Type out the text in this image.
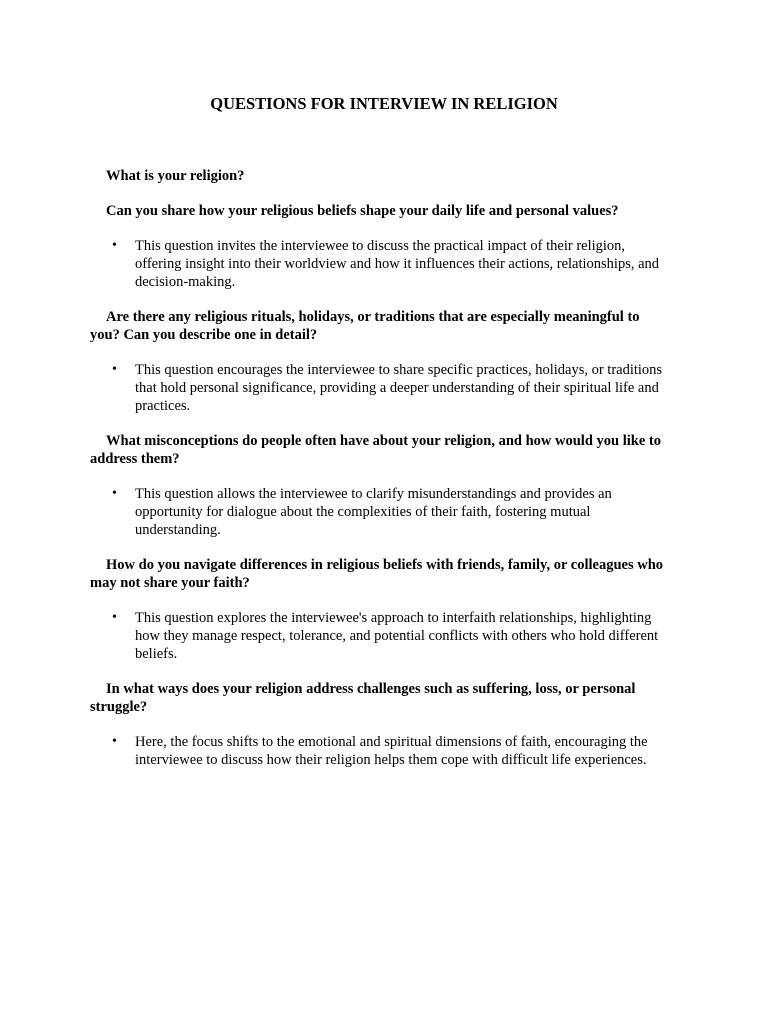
QUESTIONS FOR INTERVIEW IN RELIGION

What is your religion?

Can you share how your religious beliefs shape your daily life and personal values?

• This question invites the interviewee to discuss the practical impact of their religion, offering insight into their worldview and how it influences their actions, relationships, and decision-making.

Are there any religious rituals, holidays, or traditions that are especially meaningful to you? Can you describe one in detail?

• This question encourages the interviewee to share specific practices, holidays, or traditions that hold personal significance, providing a deeper understanding of their spiritual life and practices.

What misconceptions do people often have about your religion, and how would you like to address them?

• This question allows the interviewee to clarify misunderstandings and provides an opportunity for dialogue about the complexities of their faith, fostering mutual understanding.

How do you navigate differences in religious beliefs with friends, family, or colleagues who may not share your faith?

• This question explores the interviewee's approach to interfaith relationships, highlighting how they manage respect, tolerance, and potential conflicts with others who hold different beliefs.

In what ways does your religion address challenges such as suffering, loss, or personal struggle?

• Here, the focus shifts to the emotional and spiritual dimensions of faith, encouraging the interviewee to discuss how their religion helps them cope with difficult life experiences.
